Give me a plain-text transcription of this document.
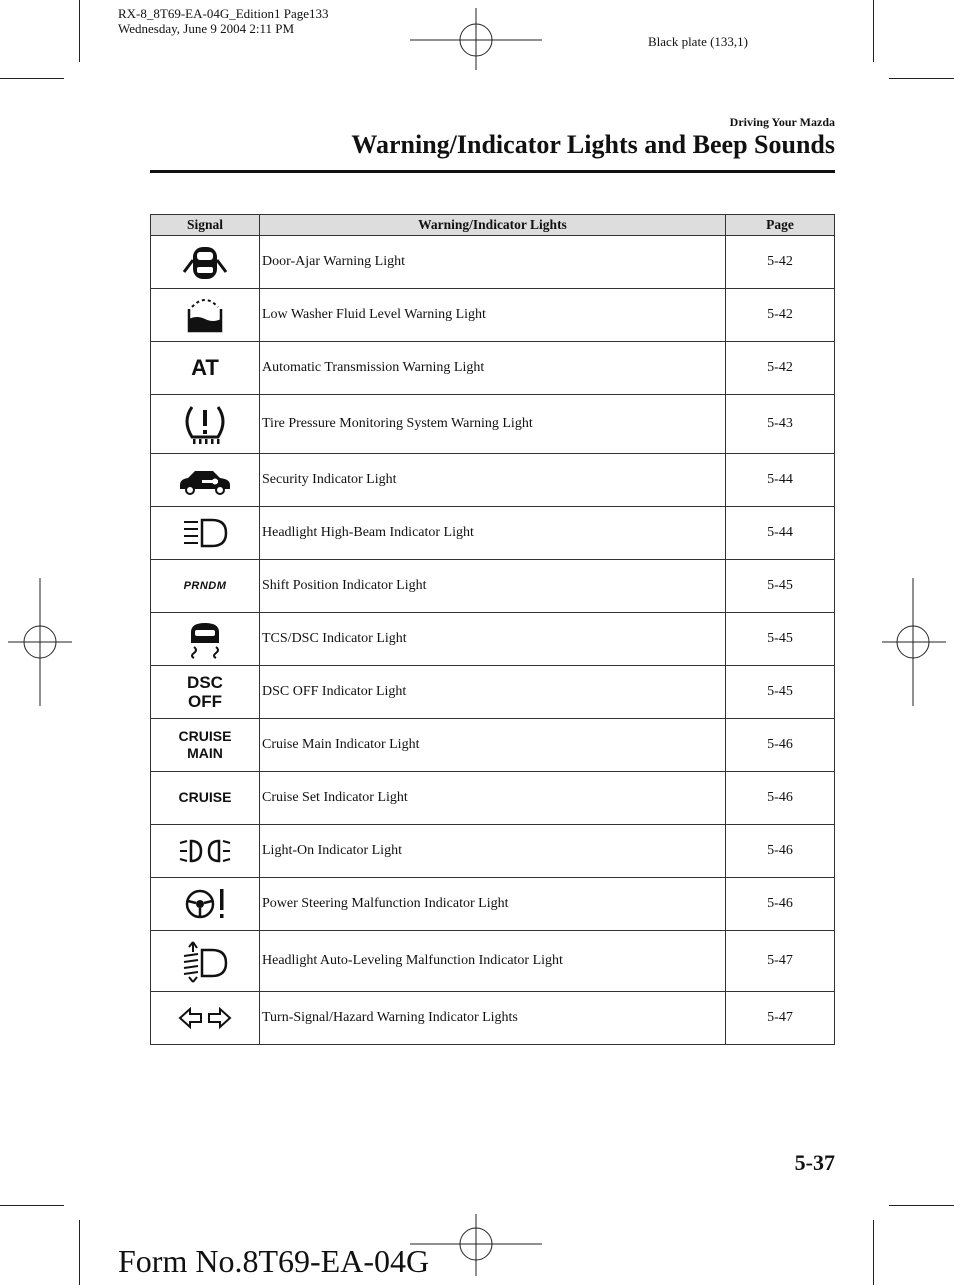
RX-8_8T69-EA-04G_Edition1 Page133
Wednesday, June 9 2004 2:11 PM
Black plate (133,1)
Driving Your Mazda
Warning/Indicator Lights and Beep Sounds
Signal	Warning/Indicator Lights	Page

	Door-Ajar Warning Light	5-42

	Low Washer Fluid Level Warning Light	5-42
AT	Automatic Transmission Warning Light	5-42

	Tire Pressure Monitoring System Warning Light	5-43

	Security Indicator Light	5-44

	Headlight High-Beam Indicator Light	5-44
PRNDM	Shift Position Indicator Light	5-45

	TCS/DSC Indicator Light	5-45

DSC
OFF	DSC OFF Indicator Light	5-45

CRUISE
MAIN	Cruise Main Indicator Light	5-46
CRUISE	Cruise Set Indicator Light	5-46

	Light-On Indicator Light	5-46

	Power Steering Malfunction Indicator Light	5-46

	Headlight Auto-Leveling Malfunction Indicator Light	5-47

	Turn-Signal/Hazard Warning Indicator Lights	5-47
5-37
Form No.8T69-EA-04G
